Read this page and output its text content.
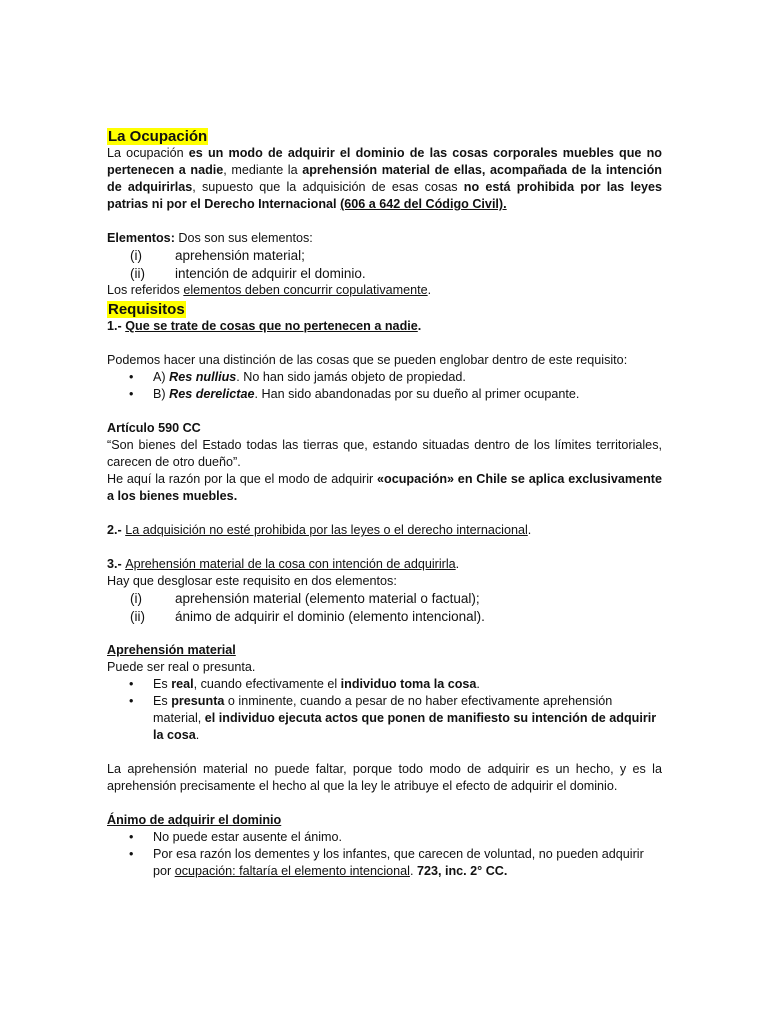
La Ocupación

La ocupación es un modo de adquirir el dominio de las cosas corporales muebles que no pertenecen a nadie, mediante la aprehensión material de ellas, acompañada de la intención de adquirirlas, supuesto que la adquisición de esas cosas no está prohibida por las leyes patrias ni por el Derecho Internacional (606 a 642 del Código Civil).

Elementos: Dos son sus elementos:

(i) aprehensión material;
(ii) intención de adquirir el dominio.

Los referidos elementos deben concurrir copulativamente.

Requisitos

1.- Que se trate de cosas que no pertenecen a nadie.

Podemos hacer una distinción de las cosas que se pueden englobar dentro de este requisito:

• A) Res nullius. No han sido jamás objeto de propiedad.
• B) Res derelictae. Han sido abandonadas por su dueño al primer ocupante.

Artículo 590 CC

“Son bienes del Estado todas las tierras que, estando situadas dentro de los límites territoriales, carecen de otro dueño”.

He aquí la razón por la que el modo de adquirir «ocupación» en Chile se aplica exclusivamente a los bienes muebles.

2.- La adquisición no esté prohibida por las leyes o el derecho internacional.

3.- Aprehensión material de la cosa con intención de adquirirla.

Hay que desglosar este requisito en dos elementos:

(i) aprehensión material (elemento material o factual);
(ii) ánimo de adquirir el dominio (elemento intencional).

Aprehensión material

Puede ser real o presunta.

• Es real, cuando efectivamente el individuo toma la cosa.
• Es presunta o inminente, cuando a pesar de no haber efectivamente aprehensión material, el individuo ejecuta actos que ponen de manifiesto su intención de adquirir la cosa.

La aprehensión material no puede faltar, porque todo modo de adquirir es un hecho, y es la aprehensión precisamente el hecho al que la ley le atribuye el efecto de adquirir el dominio.

Ánimo de adquirir el dominio

• No puede estar ausente el ánimo.
• Por esa razón los dementes y los infantes, que carecen de voluntad, no pueden adquirir por ocupación: faltaría el elemento intencional. 723, inc. 2° CC.
